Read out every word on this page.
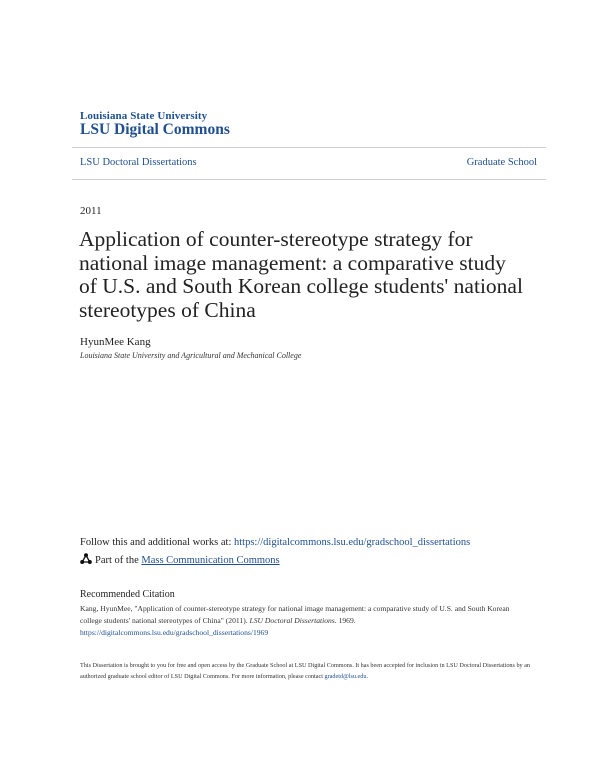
Louisiana State University
LSU Digital Commons
LSU Doctoral Dissertations	Graduate School
2011
Application of counter-stereotype strategy for national image management: a comparative study of U.S. and South Korean college students' national stereotypes of China
HyunMee Kang
Louisiana State University and Agricultural and Mechanical College
Follow this and additional works at: https://digitalcommons.lsu.edu/gradschool_dissertations
Part of the Mass Communication Commons
Recommended Citation

Kang, HyunMee, "Application of counter-stereotype strategy for national image management: a comparative study of U.S. and South Korean college students' national stereotypes of China" (2011). LSU Doctoral Dissertations. 1969.
https://digitalcommons.lsu.edu/gradschool_dissertations/1969

This Dissertation is brought to you for free and open access by the Graduate School at LSU Digital Commons. It has been accepted for inclusion in LSU Doctoral Dissertations by an authorized graduate school editor of LSU Digital Commons. For more information, please contact gradetd@lsu.edu.
